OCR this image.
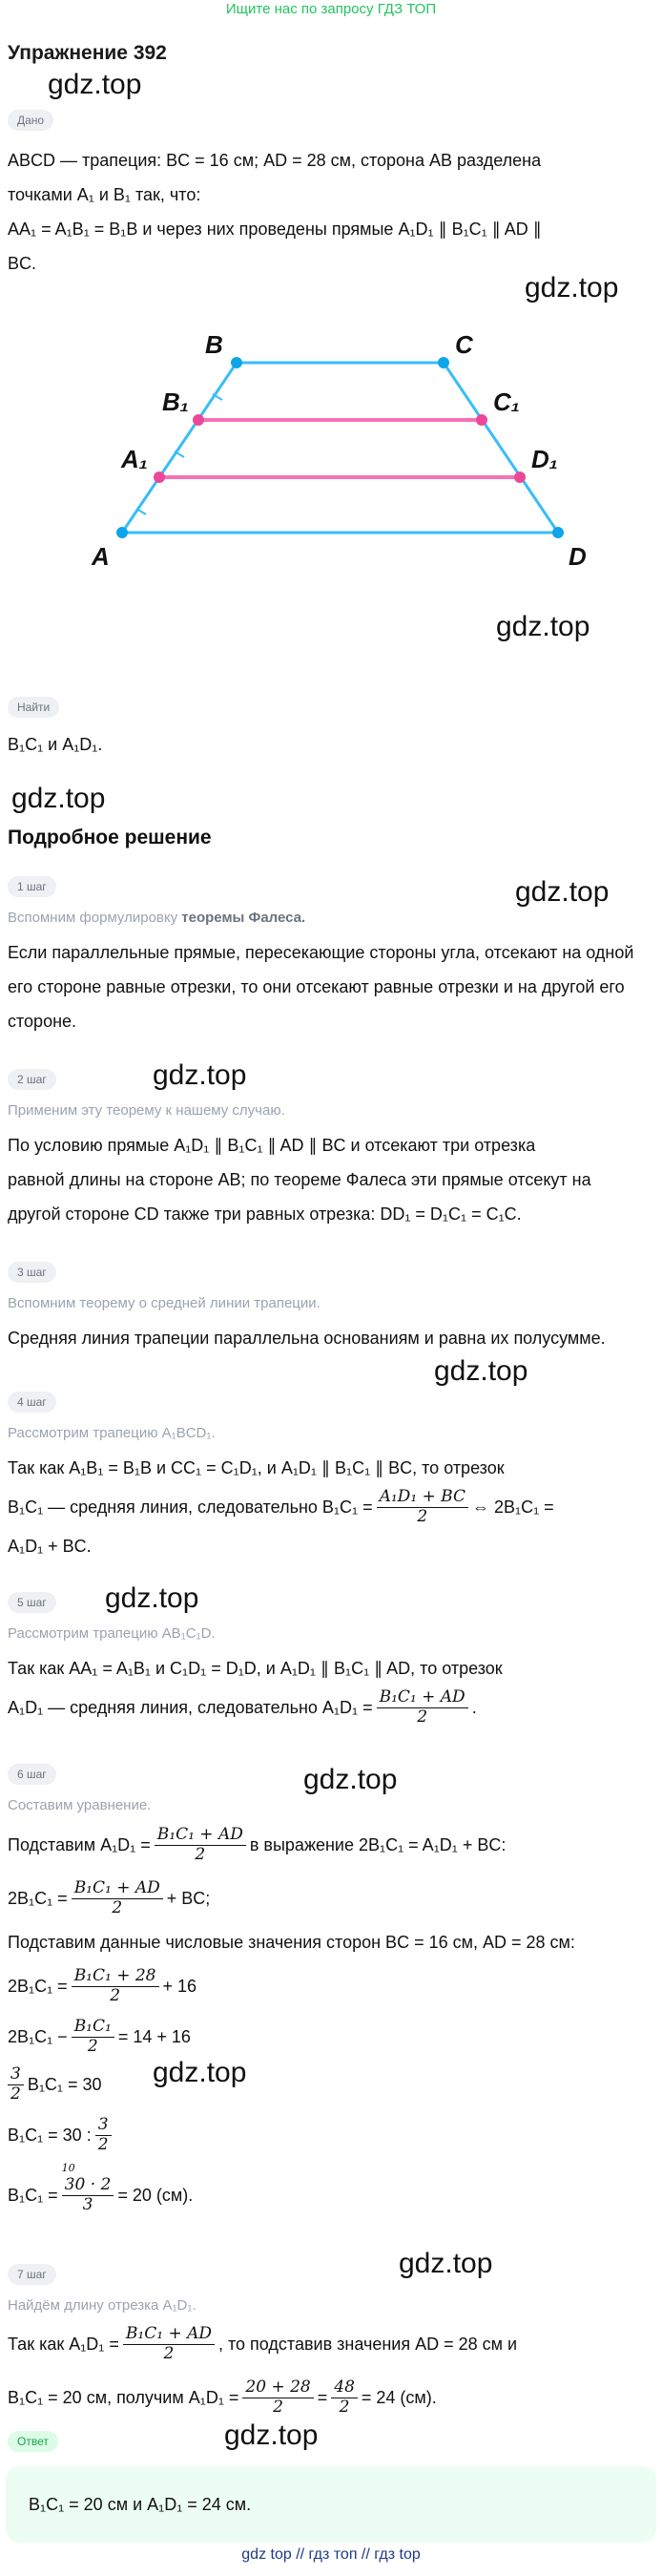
Ищите нас по запросу ГДЗ ТОП
Упражнение 392
gdz.top
gdz.top
gdz.top
gdz.top
gdz.top
gdz.top
gdz.top
gdz.top
gdz.top
gdz.top
gdz.top
gdz.top
Дано
ABCD — трапеция: BC = 16 см; AD = 28 см, сторона AB разделена
точками A₁ и B₁ так, что:
AA₁ = A₁B₁ = B₁B и через них проведены прямые A₁D₁ ∥ B₁C₁ ∥ AD ∥
BC.
B	C
B₁	C₁
A₁	D₁
A	D
Найти
B₁C₁ и A₁D₁.
Подробное решение
1 шаг
Вспомним формулировку теоремы Фалеса.
Если параллельные прямые, пересекающие стороны угла, отсекают на одной
его стороне равные отрезки, то они отсекают равные отрезки и на другой его
стороне.
2 шаг
Применим эту теорему к нашему случаю.
По условию прямые A₁D₁ ∥ B₁C₁ ∥ AD ∥ BC и отсекают три отрезка
равной длины на стороне AB; по теореме Фалеса эти прямые отсекут на
другой стороне CD также три равных отрезка: DD₁ = D₁C₁ = C₁C.
3 шаг
Вспомним теорему о средней линии трапеции.
Средняя линия трапеции параллельна основаниям и равна их полусумме.
4 шаг
Рассмотрим трапецию A₁BCD₁.
Так как A₁B₁ = B₁B и CC₁ = C₁D₁, и A₁D₁ ∥ B₁C₁ ∥ BC, то отрезок
B₁C₁ — средняя линия, следовательно $B_1C_1 = \frac{\text{A₁D₁ + BC}}{2}$ ⇔ 2B₁C₁ =
A₁D₁ + BC.
5 шаг
Рассмотрим трапецию AB₁C₁D.
Так как AA₁ = A₁B₁ и C₁D₁ = D₁D, и A₁D₁ ∥ B₁C₁ ∥ AD, то отрезок
A₁D₁ — средняя линия, следовательно $A_1D_1 = \frac{\text{B₁C₁ + AD}}{2}$ .
6 шаг
Составим уравнение.
Подставим $A_1D_1 = \frac{\text{B₁C₁ + AD}}{2}$ в выражение 2B₁C₁ = A₁D₁ + BC:
$2B_1C_1 = \frac{\text{B₁C₁ + AD}}{2}$ + BC;
Подставим данные числовые значения сторон BC = 16 см, AD = 28 см:
$2B_1C_1 = \frac{\text{B₁C₁ + 28}}{2} + 16$
$2B_1C_1 - \frac{\text{B₁C₁}}{2} = 14 + 16$
$\frac{3}{2} B_1C_1 = 30$
B₁C₁ = 30 : $\frac{3}{2}$
B₁C₁ =
10
30 · 2
3 = 20 (см).
7 шаг
Найдём длину отрезка A₁D₁.
Так как $A_1D_1 = \frac{\text{B₁C₁ + AD}}{2}$ , то подставив значения AD = 28 см и
B₁C₁ = 20 см, получим $A_1D_1 = \frac{20 + 28}{2} = \frac{48}{2} = 24$ (см).
Ответ
B₁C₁ = 20 см и A₁D₁ = 24 см.
gdz top // гдз топ // гдз top
